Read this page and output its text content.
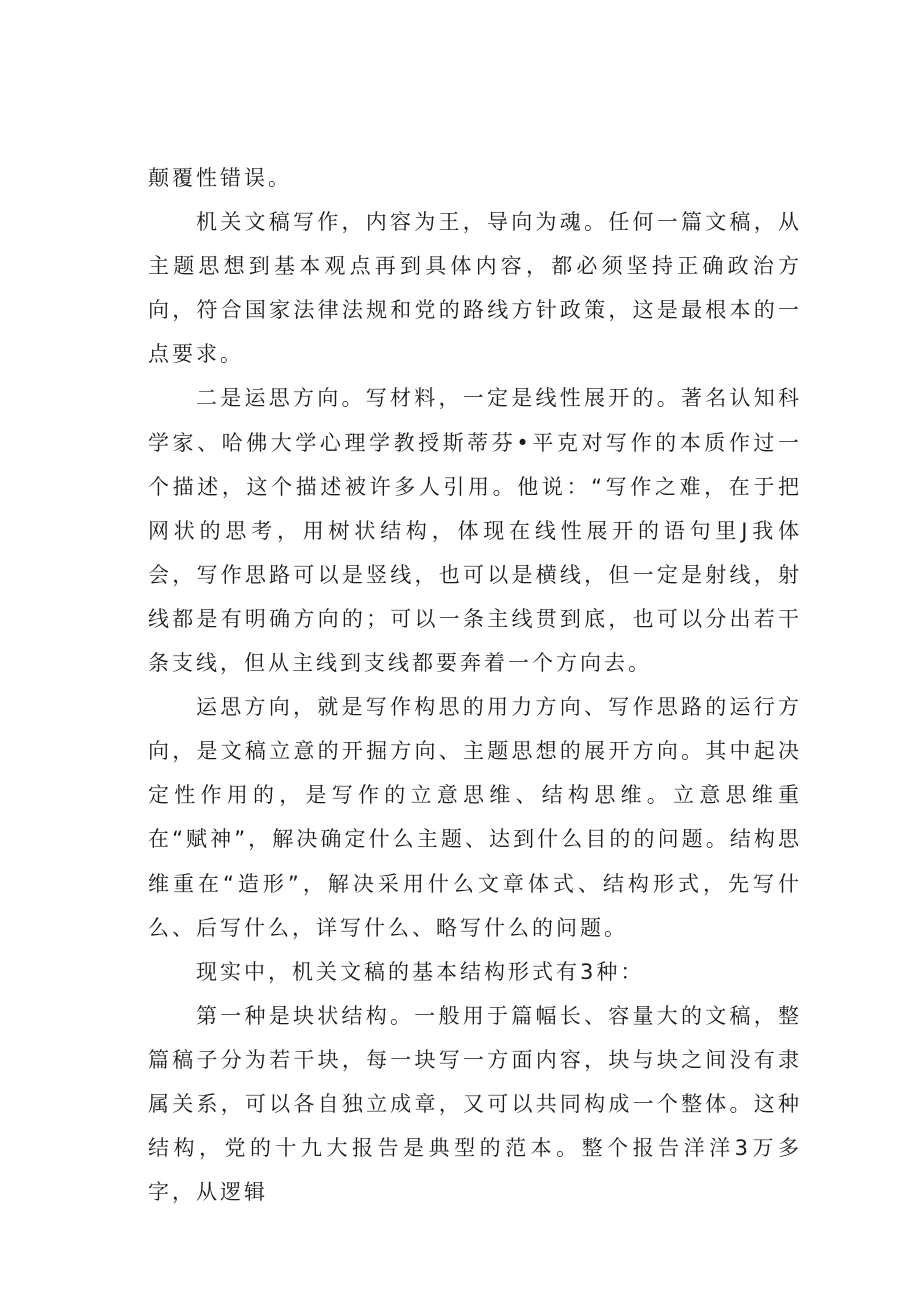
颠覆性错误。

机关文稿写作，内容为王，导向为魂。任何一篇文稿，从主题思想到基本观点再到具体内容，都必须坚持正确政治方向，符合国家法律法规和党的路线方针政策，这是最根本的一点要求。

二是运思方向。写材料，一定是线性展开的。著名认知科学家、哈佛大学心理学教授斯蒂芬•平克对写作的本质作过一个描述，这个描述被许多人引用。他说：“写作之难，在于把网状的思考，用树状结构，体现在线性展开的语句里J我体会，写作思路可以是竖线，也可以是横线，但一定是射线，射线都是有明确方向的；可以一条主线贯到底，也可以分出若干条支线，但从主线到支线都要奔着一个方向去。

运思方向，就是写作构思的用力方向、写作思路的运行方向，是文稿立意的开掘方向、主题思想的展开方向。其中起决定性作用的，是写作的立意思维、结构思维。立意思维重在“赋神”，解决确定什么主题、达到什么目的的问题。结构思维重在“造形”，解决采用什么文章体式、结构形式，先写什么、后写什么，详写什么、略写什么的问题。

现实中，机关文稿的基本结构形式有3种：

第一种是块状结构。一般用于篇幅长、容量大的文稿，整篇稿子分为若干块，每一块写一方面内容，块与块之间没有隶属关系，可以各自独立成章，又可以共同构成一个整体。这种结构，党的十九大报告是典型的范本。整个报告洋洋3万多字，从逻辑
